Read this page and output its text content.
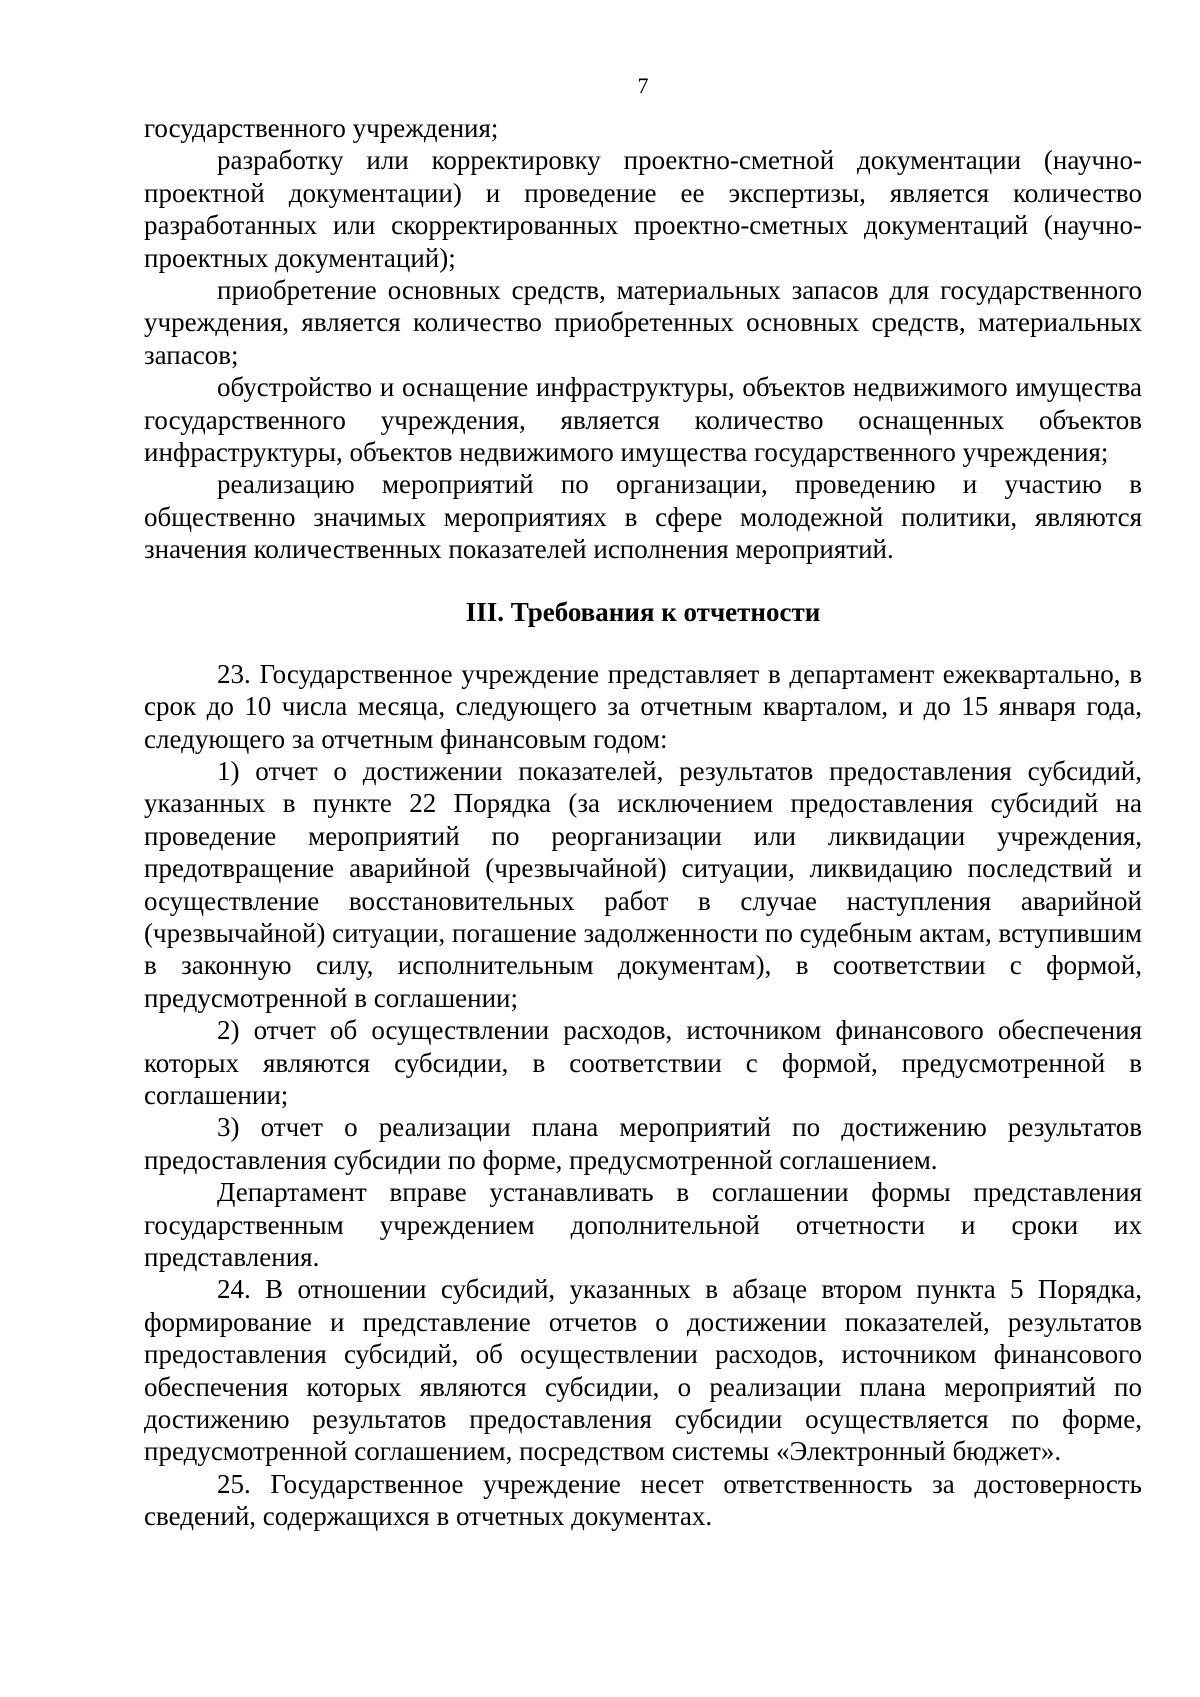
7

государственного учреждения;

разработку или корректировку проектно-сметной документации (научно-проектной документации) и проведение ее экспертизы, является количество разработанных или скорректированных проектно-сметных документаций (научно-проектных документаций);

приобретение основных средств, материальных запасов для государственного учреждения, является количество приобретенных основных средств, материальных запасов;

обустройство и оснащение инфраструктуры, объектов недвижимого имущества государственного учреждения, является количество оснащенных объектов инфраструктуры, объектов недвижимого имущества государственного учреждения;

реализацию мероприятий по организации, проведению и участию в общественно значимых мероприятиях в сфере молодежной политики, являются значения количественных показателей исполнения мероприятий.

III. Требования к отчетности

23. Государственное учреждение представляет в департамент ежеквартально, в срок до 10 числа месяца, следующего за отчетным кварталом, и до 15 января года, следующего за отчетным финансовым годом:

1) отчет о достижении показателей, результатов предоставления субсидий, указанных в пункте 22 Порядка (за исключением предоставления субсидий на проведение мероприятий по реорганизации или ликвидации учреждения, предотвращение аварийной (чрезвычайной) ситуации, ликвидацию последствий и осуществление восстановительных работ в случае наступления аварийной (чрезвычайной) ситуации, погашение задолженности по судебным актам, вступившим в законную силу, исполнительным документам), в соответствии с формой, предусмотренной в соглашении;

2) отчет об осуществлении расходов, источником финансового обеспечения которых являются субсидии, в соответствии с формой, предусмотренной в соглашении;

3) отчет о реализации плана мероприятий по достижению результатов предоставления субсидии по форме, предусмотренной соглашением.

Департамент вправе устанавливать в соглашении формы представления государственным учреждением дополнительной отчетности и сроки их представления.

24. В отношении субсидий, указанных в абзаце втором пункта 5 Порядка, формирование и представление отчетов о достижении показателей, результатов предоставления субсидий, об осуществлении расходов, источником финансового обеспечения которых являются субсидии, о реализации плана мероприятий по достижению результатов предоставления субсидии осуществляется по форме, предусмотренной соглашением, посредством системы «Электронный бюджет».

25. Государственное учреждение несет ответственность за достоверность сведений, содержащихся в отчетных документах.
